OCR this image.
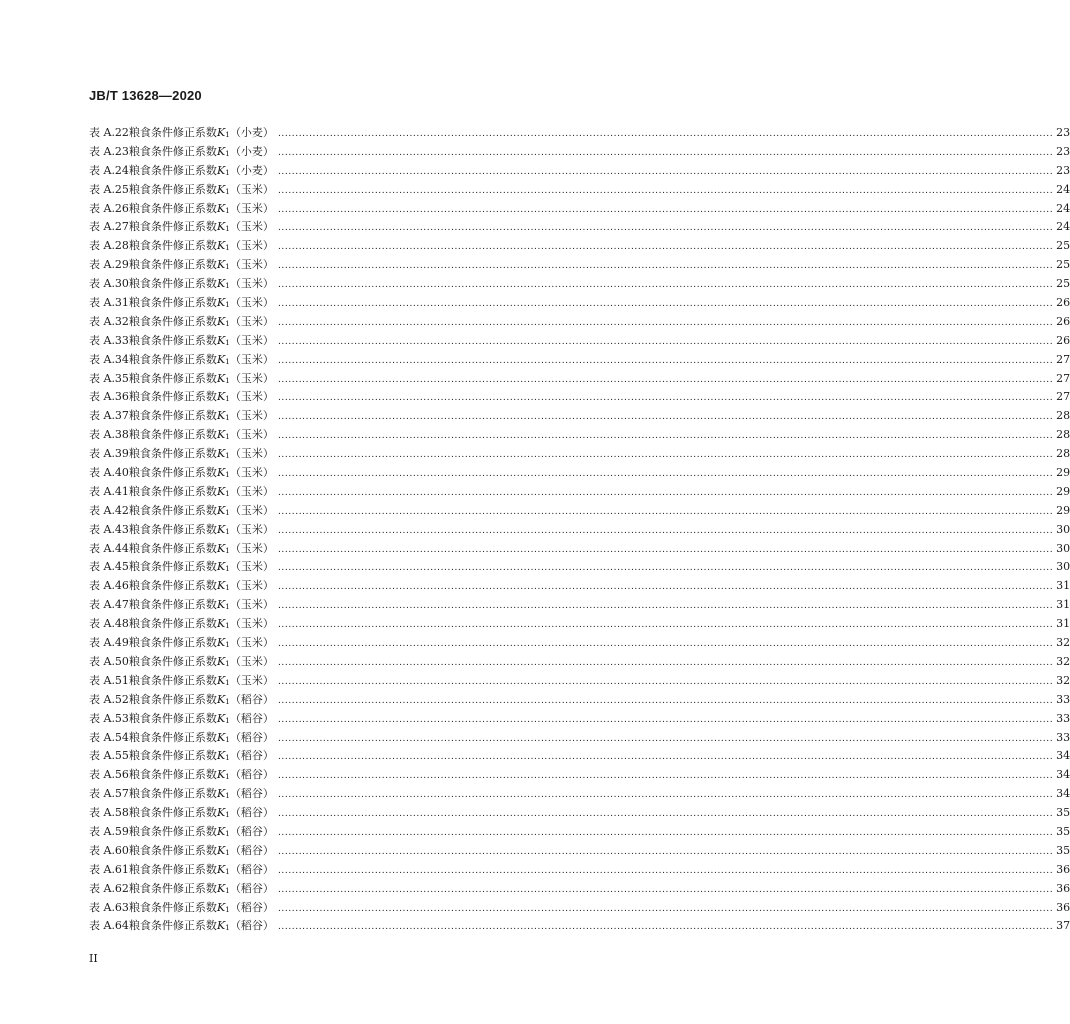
JB/T 13628—2020
表 A.22 粮食条件修正系数K1（小麦） ................................................................................................................................................................................................................................ 23
表 A.23 粮食条件修正系数K1（小麦） ................................................................................................................................................................................................................................ 23
表 A.24 粮食条件修正系数K1（小麦） ................................................................................................................................................................................................................................ 23
表 A.25 粮食条件修正系数K1（玉米） ................................................................................................................................................................................................................................ 24
表 A.26 粮食条件修正系数K1（玉米） ................................................................................................................................................................................................................................ 24
表 A.27 粮食条件修正系数K1（玉米） ................................................................................................................................................................................................................................ 24
表 A.28 粮食条件修正系数K1（玉米） ................................................................................................................................................................................................................................ 25
表 A.29 粮食条件修正系数K1（玉米） ................................................................................................................................................................................................................................ 25
表 A.30 粮食条件修正系数K1（玉米） ................................................................................................................................................................................................................................ 25
表 A.31 粮食条件修正系数K1（玉米） ................................................................................................................................................................................................................................ 26
表 A.32 粮食条件修正系数K1（玉米） ................................................................................................................................................................................................................................ 26
表 A.33 粮食条件修正系数K1（玉米） ................................................................................................................................................................................................................................ 26
表 A.34 粮食条件修正系数K1（玉米） ................................................................................................................................................................................................................................ 27
表 A.35 粮食条件修正系数K1（玉米） ................................................................................................................................................................................................................................ 27
表 A.36 粮食条件修正系数K1（玉米） ................................................................................................................................................................................................................................ 27
表 A.37 粮食条件修正系数K1（玉米） ................................................................................................................................................................................................................................ 28
表 A.38 粮食条件修正系数K1（玉米） ................................................................................................................................................................................................................................ 28
表 A.39 粮食条件修正系数K1（玉米） ................................................................................................................................................................................................................................ 28
表 A.40 粮食条件修正系数K1（玉米） ................................................................................................................................................................................................................................ 29
表 A.41 粮食条件修正系数K1（玉米） ................................................................................................................................................................................................................................ 29
表 A.42 粮食条件修正系数K1（玉米） ................................................................................................................................................................................................................................ 29
表 A.43 粮食条件修正系数K1（玉米） ................................................................................................................................................................................................................................ 30
表 A.44 粮食条件修正系数K1（玉米） ................................................................................................................................................................................................................................ 30
表 A.45 粮食条件修正系数K1（玉米） ................................................................................................................................................................................................................................ 30
表 A.46 粮食条件修正系数K1（玉米） ................................................................................................................................................................................................................................ 31
表 A.47 粮食条件修正系数K1（玉米） ................................................................................................................................................................................................................................ 31
表 A.48 粮食条件修正系数K1（玉米） ................................................................................................................................................................................................................................ 31
表 A.49 粮食条件修正系数K1（玉米） ................................................................................................................................................................................................................................ 32
表 A.50 粮食条件修正系数K1（玉米） ................................................................................................................................................................................................................................ 32
表 A.51 粮食条件修正系数K1（玉米） ................................................................................................................................................................................................................................ 32
表 A.52 粮食条件修正系数K1（稻谷） ................................................................................................................................................................................................................................ 33
表 A.53 粮食条件修正系数K1（稻谷） ................................................................................................................................................................................................................................ 33
表 A.54 粮食条件修正系数K1（稻谷） ................................................................................................................................................................................................................................ 33
表 A.55 粮食条件修正系数K1（稻谷） ................................................................................................................................................................................................................................ 34
表 A.56 粮食条件修正系数K1（稻谷） ................................................................................................................................................................................................................................ 34
表 A.57 粮食条件修正系数K1（稻谷） ................................................................................................................................................................................................................................ 34
表 A.58 粮食条件修正系数K1（稻谷） ................................................................................................................................................................................................................................ 35
表 A.59 粮食条件修正系数K1（稻谷） ................................................................................................................................................................................................................................ 35
表 A.60 粮食条件修正系数K1（稻谷） ................................................................................................................................................................................................................................ 35
表 A.61 粮食条件修正系数K1（稻谷） ................................................................................................................................................................................................................................ 36
表 A.62 粮食条件修正系数K1（稻谷） ................................................................................................................................................................................................................................ 36
表 A.63 粮食条件修正系数K1（稻谷） ................................................................................................................................................................................................................................ 36
表 A.64 粮食条件修正系数K1（稻谷） ................................................................................................................................................................................................................................ 37
II
